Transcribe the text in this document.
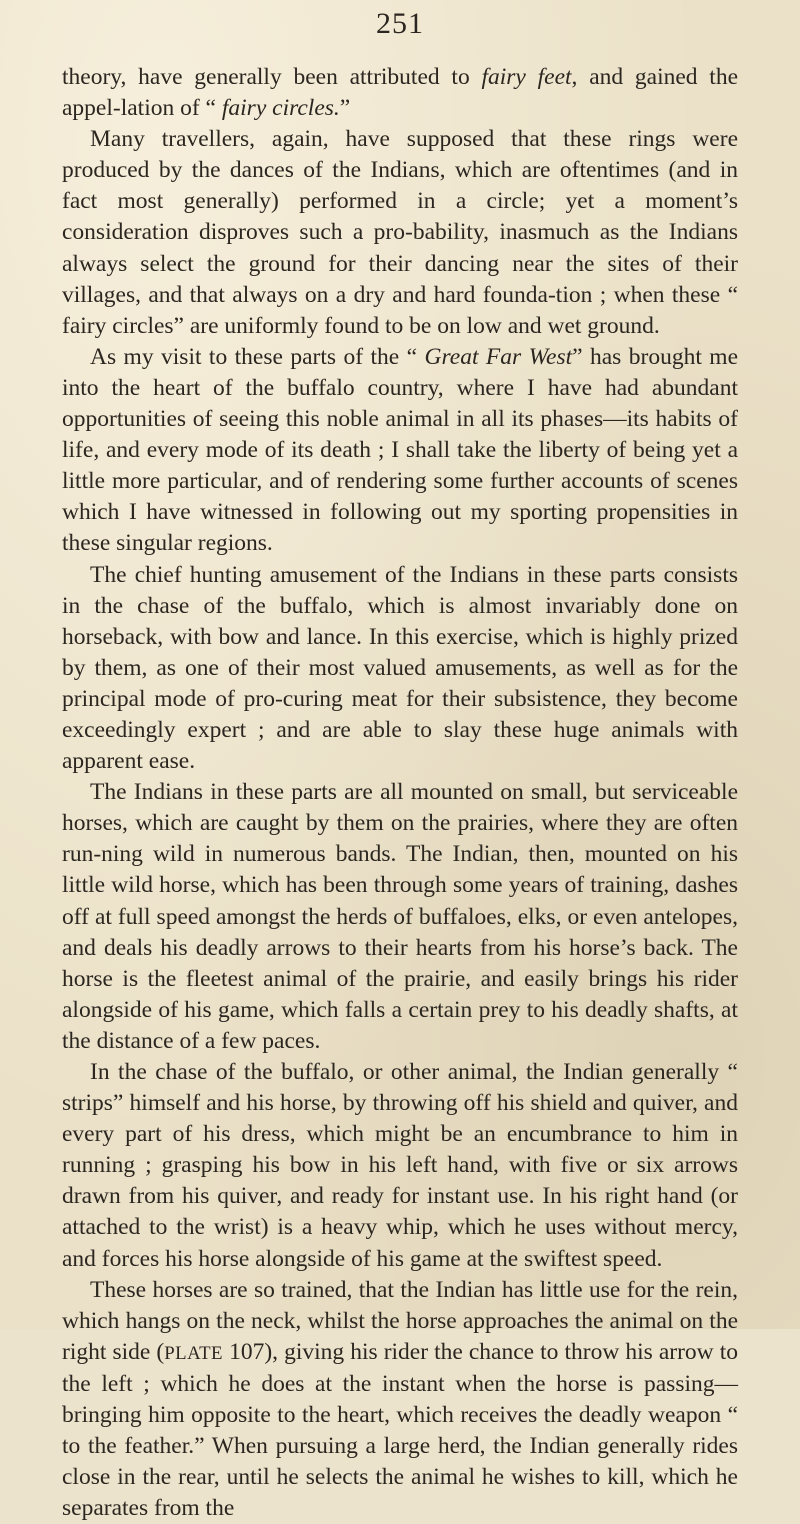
251

theory, have generally been attributed to fairy feet, and gained the appel-lation of “ fairy circles.”

Many travellers, again, have supposed that these rings were produced by the dances of the Indians, which are oftentimes (and in fact most generally) performed in a circle; yet a moment’s consideration disproves such a pro-bability, inasmuch as the Indians always select the ground for their dancing near the sites of their villages, and that always on a dry and hard founda-tion ; when these “ fairy circles” are uniformly found to be on low and wet ground.

As my visit to these parts of the “ Great Far West” has brought me into the heart of the buffalo country, where I have had abundant opportunities of seeing this noble animal in all its phases—its habits of life, and every mode of its death ; I shall take the liberty of being yet a little more particular, and of rendering some further accounts of scenes which I have witnessed in following out my sporting propensities in these singular regions.

The chief hunting amusement of the Indians in these parts consists in the chase of the buffalo, which is almost invariably done on horseback, with bow and lance. In this exercise, which is highly prized by them, as one of their most valued amusements, as well as for the principal mode of pro-curing meat for their subsistence, they become exceedingly expert ; and are able to slay these huge animals with apparent ease.

The Indians in these parts are all mounted on small, but serviceable horses, which are caught by them on the prairies, where they are often run-ning wild in numerous bands. The Indian, then, mounted on his little wild horse, which has been through some years of training, dashes off at full speed amongst the herds of buffaloes, elks, or even antelopes, and deals his deadly arrows to their hearts from his horse’s back. The horse is the fleetest animal of the prairie, and easily brings his rider alongside of his game, which falls a certain prey to his deadly shafts, at the distance of a few paces.

In the chase of the buffalo, or other animal, the Indian generally “ strips” himself and his horse, by throwing off his shield and quiver, and every part of his dress, which might be an encumbrance to him in running ; grasping his bow in his left hand, with five or six arrows drawn from his quiver, and ready for instant use. In his right hand (or attached to the wrist) is a heavy whip, which he uses without mercy, and forces his horse alongside of his game at the swiftest speed.

These horses are so trained, that the Indian has little use for the rein, which hangs on the neck, whilst the horse approaches the animal on the right side (PLATE 107), giving his rider the chance to throw his arrow to the left ; which he does at the instant when the horse is passing—bringing him opposite to the heart, which receives the deadly weapon “ to the feather.” When pursuing a large herd, the Indian generally rides close in the rear, until he selects the animal he wishes to kill, which he separates from the
